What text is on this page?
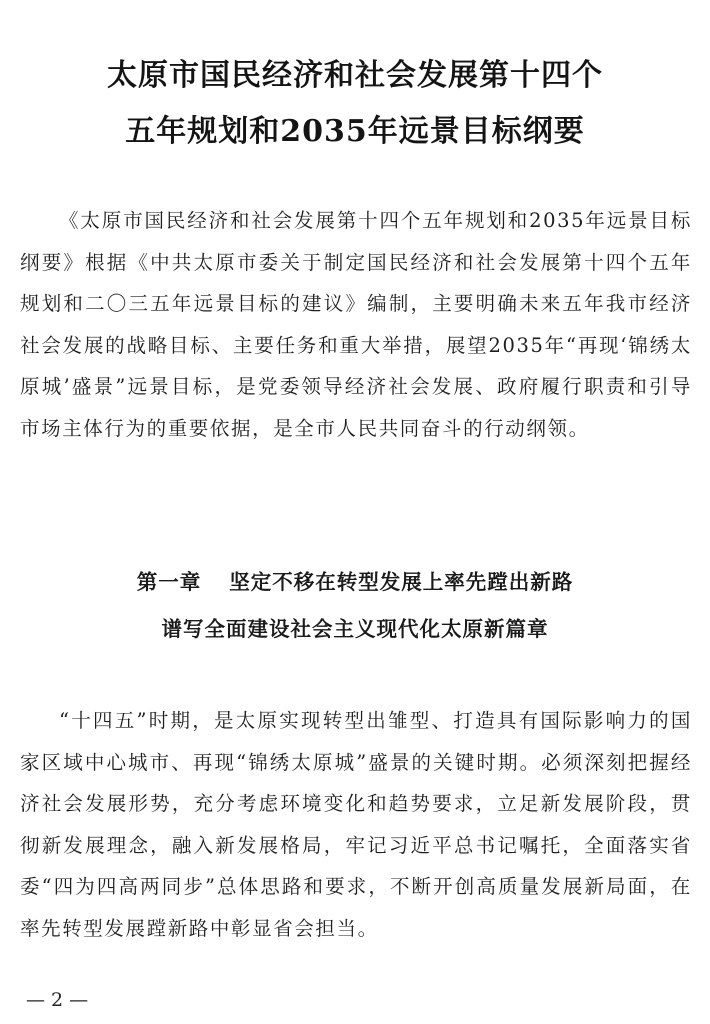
太原市国民经济和社会发展第十四个
五年规划和2035年远景目标纲要

《太原市国民经济和社会发展第十四个五年规划和2035年远景目标纲要》根据《中共太原市委关于制定国民经济和社会发展第十四个五年规划和二〇三五年远景目标的建议》编制，主要明确未来五年我市经济社会发展的战略目标、主要任务和重大举措，展望2035年“再现‘锦绣太原城’盛景”远景目标，是党委领导经济社会发展、政府履行职责和引导市场主体行为的重要依据，是全市人民共同奋斗的行动纲领。

第一章 坚定不移在转型发展上率先蹚出新路
谱写全面建设社会主义现代化太原新篇章

“十四五”时期，是太原实现转型出雏型、打造具有国际影响力的国家区域中心城市、再现“锦绣太原城”盛景的关键时期。必须深刻把握经济社会发展形势，充分考虑环境变化和趋势要求，立足新发展阶段，贯彻新发展理念，融入新发展格局，牢记习近平总书记嘱托，全面落实省委“四为四高两同步”总体思路和要求，不断开创高质量发展新局面，在率先转型发展蹚新路中彰显省会担当。

— 2 —
